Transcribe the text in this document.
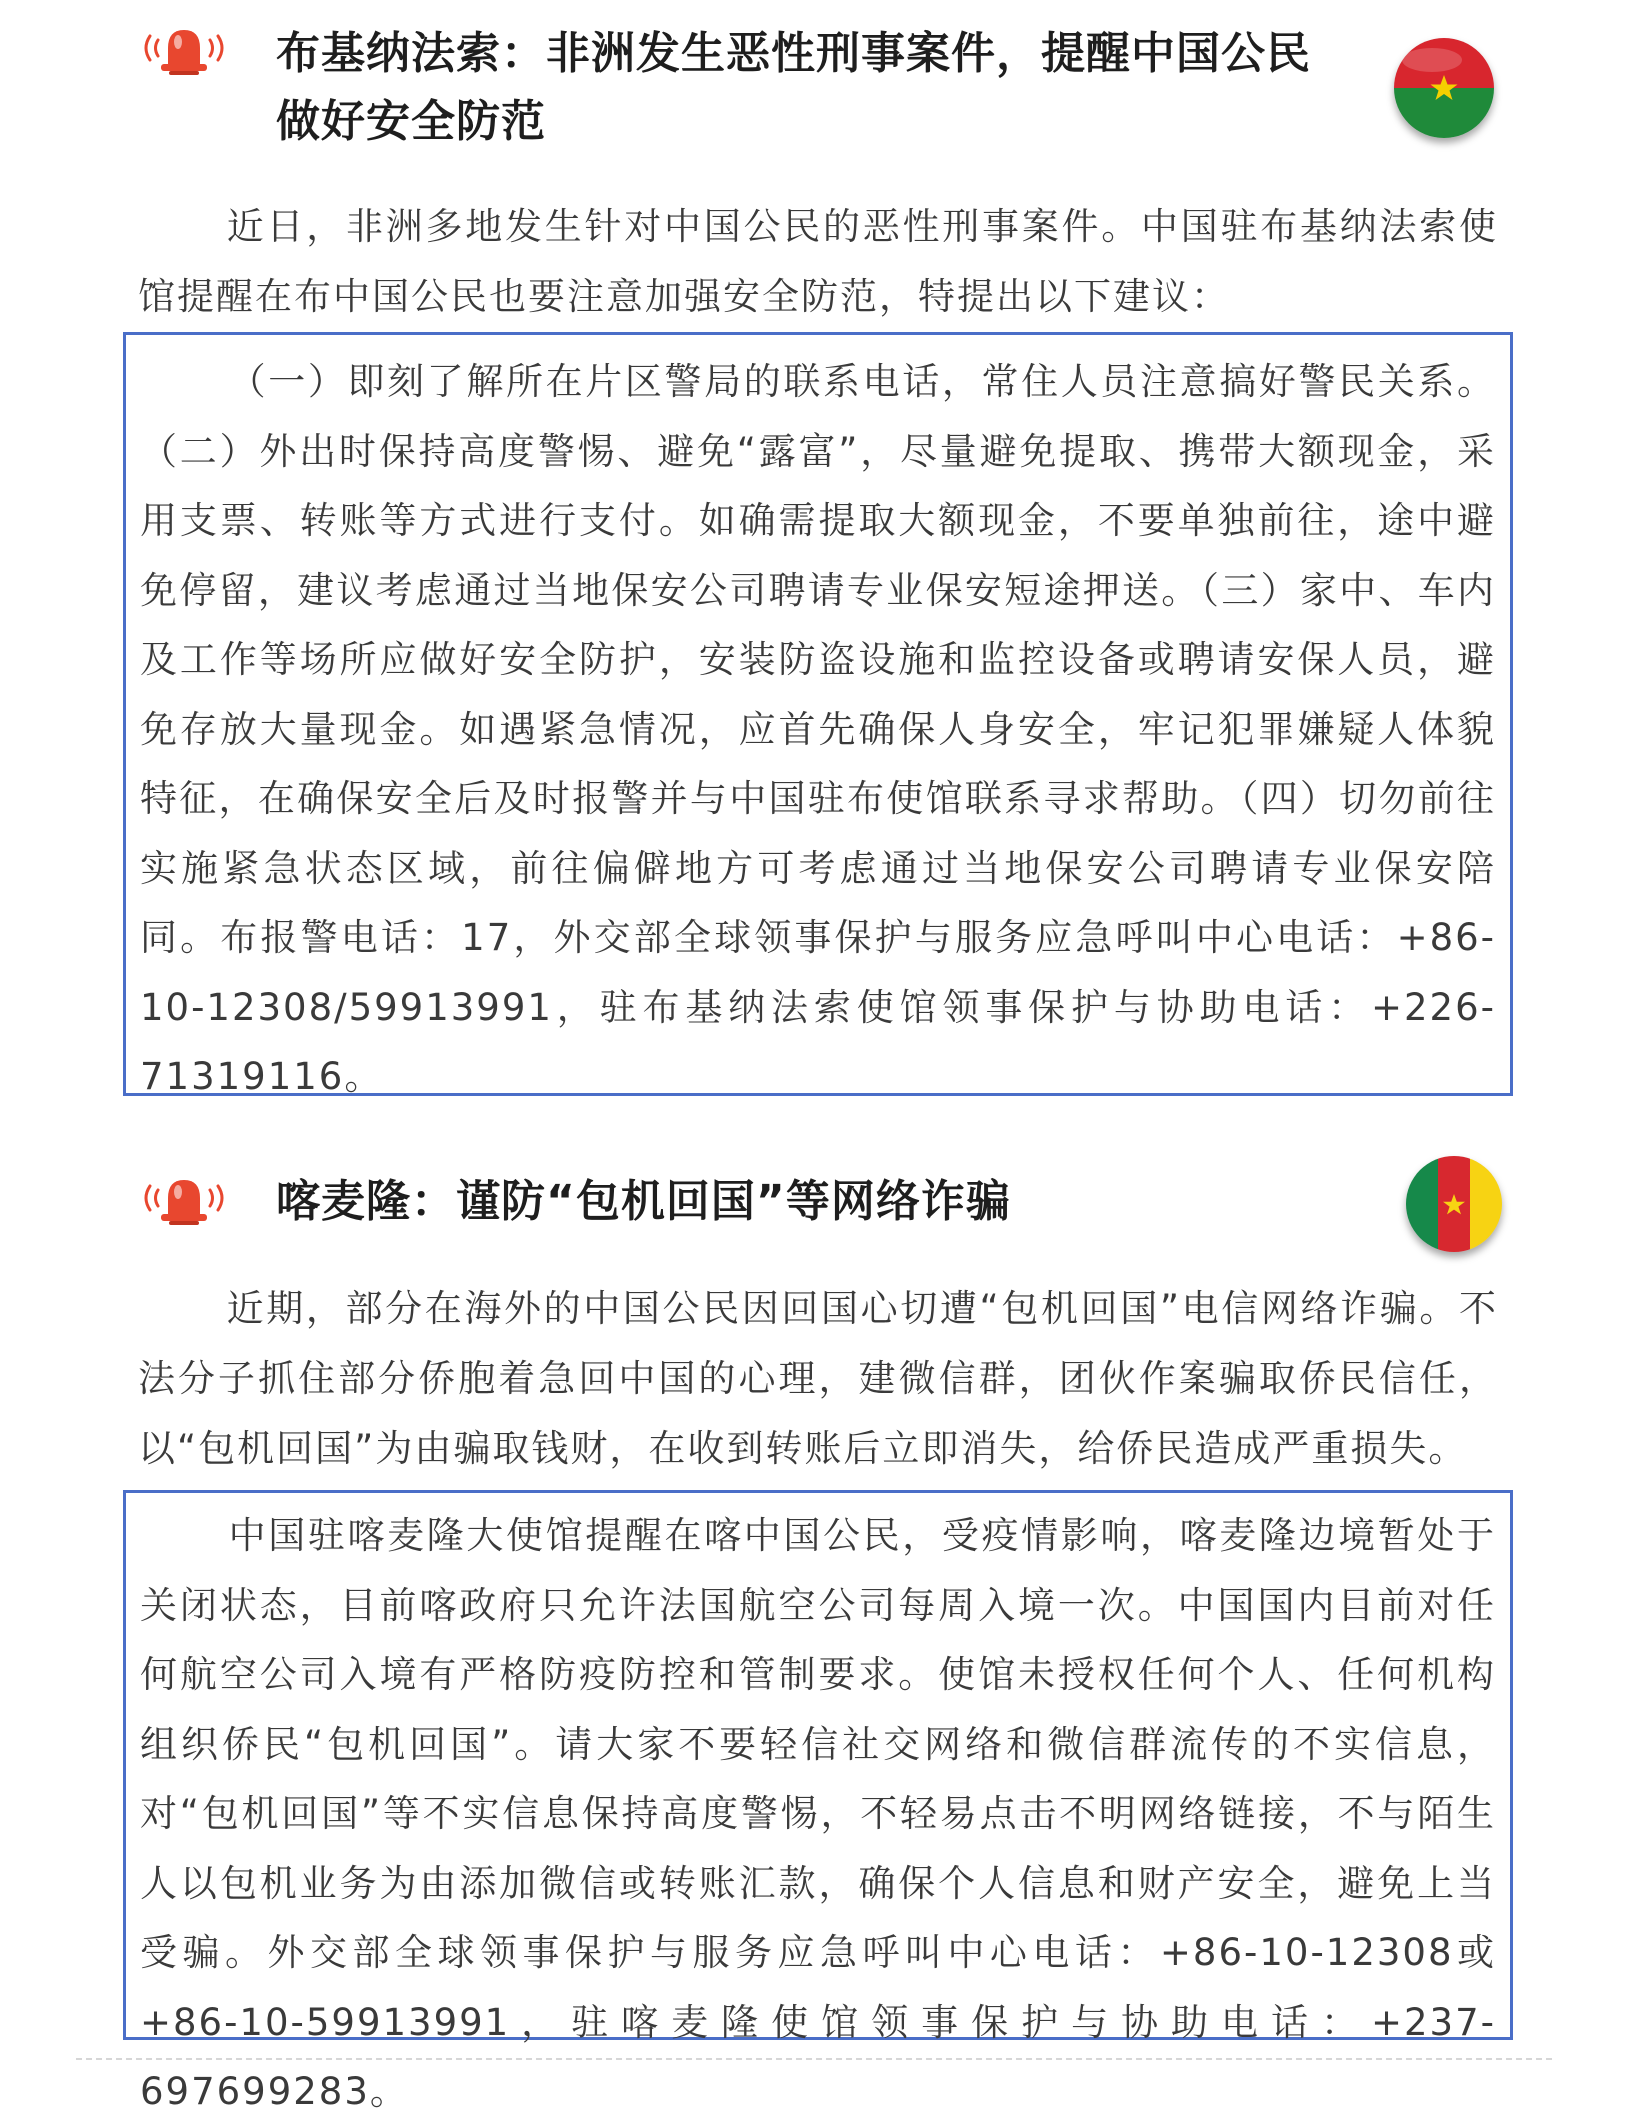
布基纳法索：非洲发生恶性刑事案件，提醒中国公民
做好安全防范

近日，非洲多地发生针对中国公民的恶性刑事案件。中国驻布基纳法索使馆提醒在布中国公民也要注意加强安全防范，特提出以下建议：

（一）即刻了解所在片区警局的联系电话，常住人员注意搞好警民关系。（二）外出时保持高度警惕、避免“露富”，尽量避免提取、携带大额现金，采用支票、转账等方式进行支付。如确需提取大额现金，不要单独前往，途中避免停留，建议考虑通过当地保安公司聘请专业保安短途押送。（三）家中、车内及工作等场所应做好安全防护，安装防盗设施和监控设备或聘请安保人员，避免存放大量现金。如遇紧急情况，应首先确保人身安全，牢记犯罪嫌疑人体貌特征，在确保安全后及时报警并与中国驻布使馆联系寻求帮助。（四）切勿前往实施紧急状态区域，前往偏僻地方可考虑通过当地保安公司聘请专业保安陪同。布报警电话：17，外交部全球领事保护与服务应急呼叫中心电话：+86-10-12308/59913991，驻布基纳法索使馆领事保护与协助电话：+226-71319116。

喀麦隆：谨防“包机回国”等网络诈骗

近期，部分在海外的中国公民因回国心切遭“包机回国”电信网络诈骗。不法分子抓住部分侨胞着急回中国的心理，建微信群，团伙作案骗取侨民信任，以“包机回国”为由骗取钱财，在收到转账后立即消失，给侨民造成严重损失。

中国驻喀麦隆大使馆提醒在喀中国公民，受疫情影响，喀麦隆边境暂处于关闭状态，目前喀政府只允许法国航空公司每周入境一次。中国国内目前对任何航空公司入境有严格防疫防控和管制要求。使馆未授权任何个人、任何机构组织侨民“包机回国”。请大家不要轻信社交网络和微信群流传的不实信息，对“包机回国”等不实信息保持高度警惕，不轻易点击不明网络链接，不与陌生人以包机业务为由添加微信或转账汇款，确保个人信息和财产安全，避免上当受骗。外交部全球领事保护与服务应急呼叫中心电话：+86-10-12308或+86-10-59913991，驻喀麦隆使馆领事保护与协助电话：+237-697699283。
